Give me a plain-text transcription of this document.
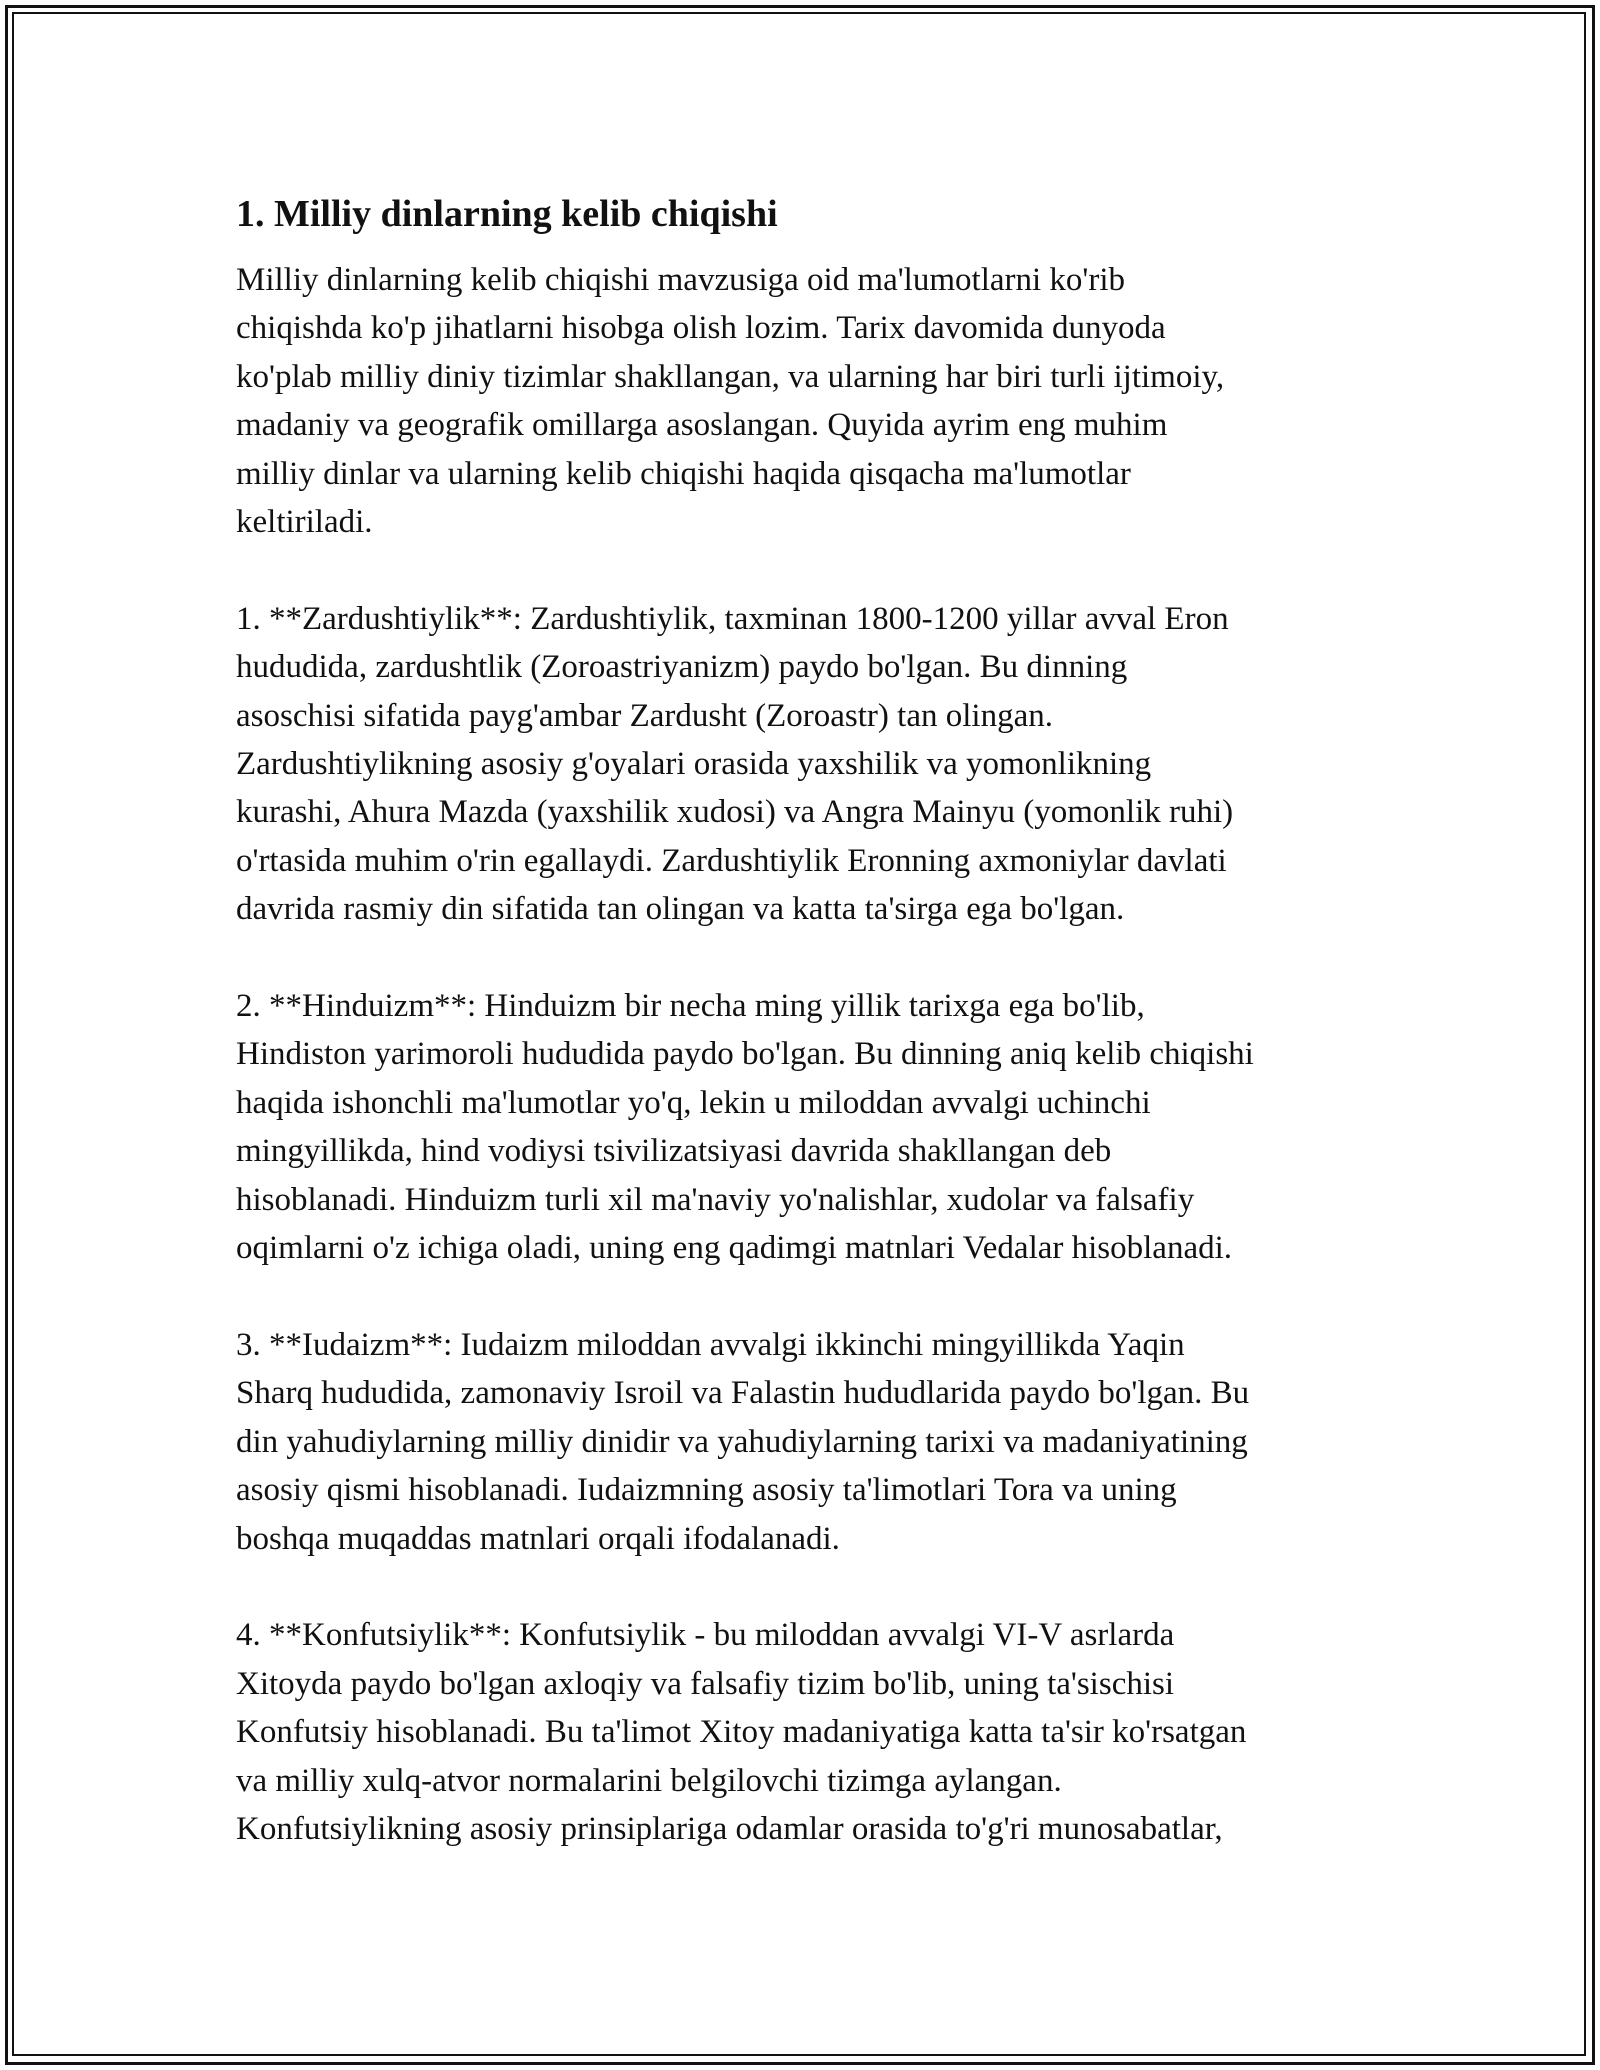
1. Milliy dinlarning kelib chiqishi

Milliy dinlarning kelib chiqishi mavzusiga oid ma'lumotlarni ko'rib
chiqishda ko'p jihatlarni hisobga olish lozim. Tarix davomida dunyoda
ko'plab milliy diniy tizimlar shakllangan, va ularning har biri turli ijtimoiy,
madaniy va geografik omillarga asoslangan. Quyida ayrim eng muhim
milliy dinlar va ularning kelib chiqishi haqida qisqacha ma'lumotlar
keltiriladi.

1. **Zardushtiylik**: Zardushtiylik, taxminan 1800-1200 yillar avval Eron
hududida, zardushtlik (Zoroastriyanizm) paydo bo'lgan. Bu dinning
asoschisi sifatida payg'ambar Zardusht (Zoroastr) tan olingan.
Zardushtiylikning asosiy g'oyalari orasida yaxshilik va yomonlikning
kurashi, Ahura Mazda (yaxshilik xudosi) va Angra Mainyu (yomonlik ruhi)
o'rtasida muhim o'rin egallaydi. Zardushtiylik Eronning axmoniylar davlati
davrida rasmiy din sifatida tan olingan va katta ta'sirga ega bo'lgan.

2. **Hinduizm**: Hinduizm bir necha ming yillik tarixga ega bo'lib,
Hindiston yarimoroli hududida paydo bo'lgan. Bu dinning aniq kelib chiqishi
haqida ishonchli ma'lumotlar yo'q, lekin u miloddan avvalgi uchinchi
mingyillikda, hind vodiysi tsivilizatsiyasi davrida shakllangan deb
hisoblanadi. Hinduizm turli xil ma'naviy yo'nalishlar, xudolar va falsafiy
oqimlarni o'z ichiga oladi, uning eng qadimgi matnlari Vedalar hisoblanadi.

3. **Iudaizm**: Iudaizm miloddan avvalgi ikkinchi mingyillikda Yaqin
Sharq hududida, zamonaviy Isroil va Falastin hududlarida paydo bo'lgan. Bu
din yahudiylarning milliy dinidir va yahudiylarning tarixi va madaniyatining
asosiy qismi hisoblanadi. Iudaizmning asosiy ta'limotlari Tora va uning
boshqa muqaddas matnlari orqali ifodalanadi.

4. **Konfutsiylik**: Konfutsiylik - bu miloddan avvalgi VI-V asrlarda
Xitoyda paydo bo'lgan axloqiy va falsafiy tizim bo'lib, uning ta'sischisi
Konfutsiy hisoblanadi. Bu ta'limot Xitoy madaniyatiga katta ta'sir ko'rsatgan
va milliy xulq-atvor normalarini belgilovchi tizimga aylangan.
Konfutsiylikning asosiy prinsiplariga odamlar orasida to'g'ri munosabatlar,
